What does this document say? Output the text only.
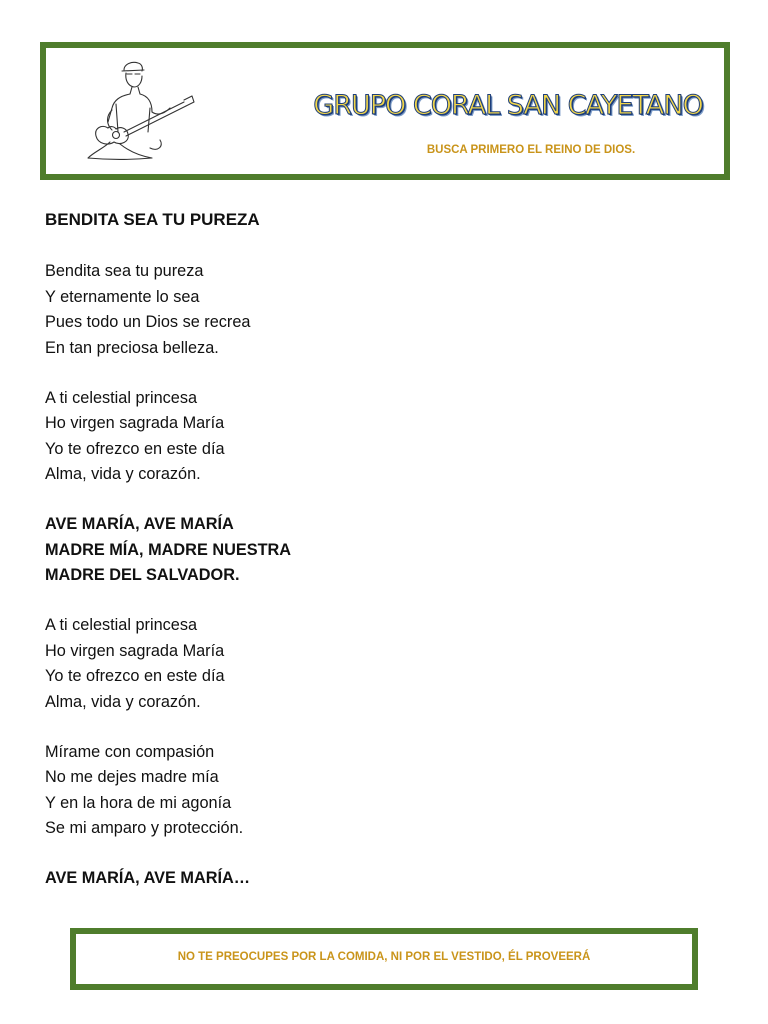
GRUPO CORAL SAN CAYETANO
BUSCA PRIMERO EL REINO DE DIOS.
BENDITA SEA TU PUREZA
Bendita sea tu pureza
Y eternamente lo sea
Pues todo un Dios se recrea
En tan preciosa belleza.
A ti celestial princesa
Ho virgen sagrada María
Yo te ofrezco en este día
Alma, vida y corazón.
AVE MARÍA, AVE MARÍA
MADRE MÍA, MADRE NUESTRA
MADRE DEL SALVADOR.
A ti celestial princesa
Ho virgen sagrada María
Yo te ofrezco en este día
Alma, vida y corazón.
Mírame con compasión
No me dejes madre mía
Y en la hora de mi agonía
Se mi amparo y protección.
AVE MARÍA, AVE MARÍA…
NO TE PREOCUPES POR LA COMIDA, NI POR EL VESTIDO, ÉL PROVEERÁ
